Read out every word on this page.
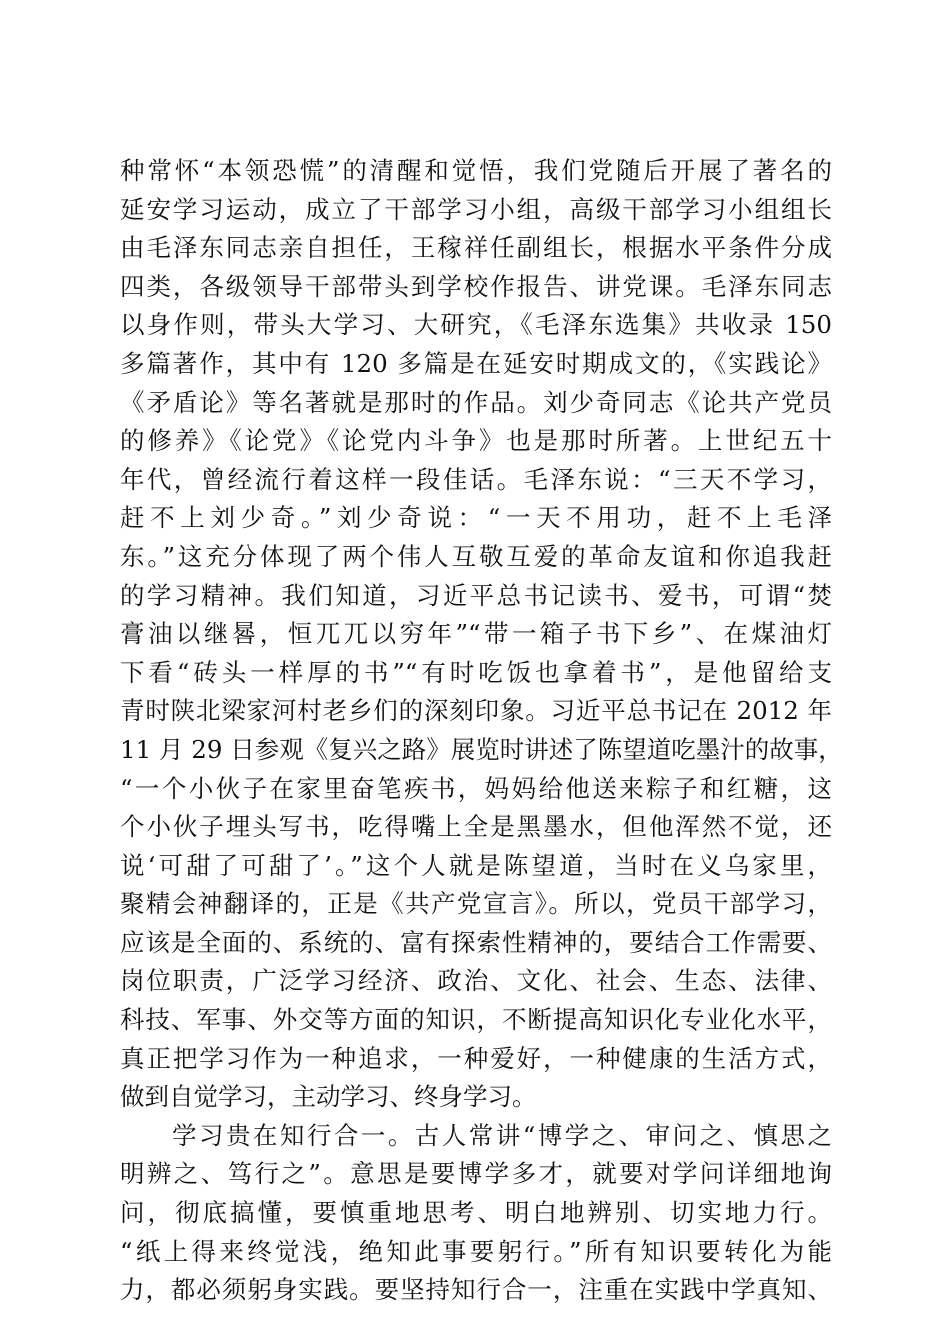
种常怀“本领恐慌”的清醒和觉悟，我们党随后开展了著名的
延安学习运动，成立了干部学习小组，高级干部学习小组组长
由毛泽东同志亲自担任，王稼祥任副组长，根据水平条件分成
四类，各级领导干部带头到学校作报告、讲党课。毛泽东同志
以身作则，带头大学习、大研究，《毛泽东选集》共收录 150
多篇著作，其中有 120 多篇是在延安时期成文的，《实践论》
《矛盾论》等名著就是那时的作品。刘少奇同志《论共产党员
的修养》《论党》《论党内斗争》也是那时所著。上世纪五十
年代，曾经流行着这样一段佳话。毛泽东说：“三天不学习，
赶不上刘少奇。”刘少奇说：“一天不用功，赶不上毛泽
东。”这充分体现了两个伟人互敬互爱的革命友谊和你追我赶
的学习精神。我们知道，习近平总书记读书、爱书，可谓“焚
膏油以继晷，恒兀兀以穷年”“带一箱子书下乡”、在煤油灯
下看“砖头一样厚的书”“有时吃饭也拿着书”，是他留给支
青时陕北梁家河村老乡们的深刻印象。习近平总书记在 2012 年
11 月 29 日参观《复兴之路》展览时讲述了陈望道吃墨汁的故事，
“一个小伙子在家里奋笔疾书，妈妈给他送来粽子和红糖，这
个小伙子埋头写书，吃得嘴上全是黑墨水，但他浑然不觉，还
说‘可甜了可甜了’。”这个人就是陈望道，当时在义乌家里，
聚精会神翻译的，正是《共产党宣言》。所以，党员干部学习，
应该是全面的、系统的、富有探索性精神的，要结合工作需要、
岗位职责，广泛学习经济、政治、文化、社会、生态、法律、
科技、军事、外交等方面的知识，不断提高知识化专业化水平，
真正把学习作为一种追求，一种爱好，一种健康的生活方式，
做到自觉学习，主动学习、终身学习。
学习贵在知行合一。古人常讲“博学之、审问之、慎思之
明辨之、笃行之”。意思是要博学多才，就要对学问详细地询
问，彻底搞懂，要慎重地思考、明白地辨别、切实地力行。
“纸上得来终觉浅，绝知此事要躬行。”所有知识要转化为能
力，都必须躬身实践。要坚持知行合一，注重在实践中学真知、
